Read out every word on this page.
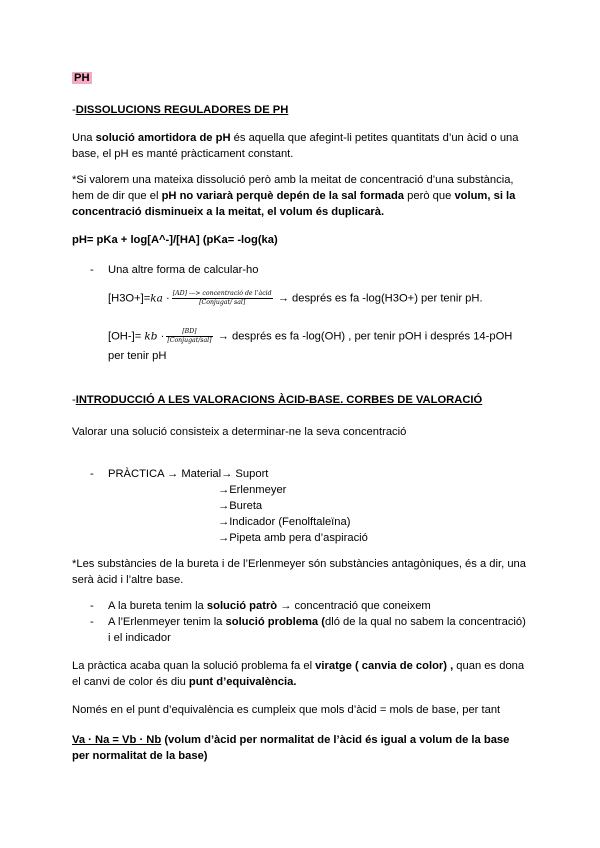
PH
-DISSOLUCIONS REGULADORES DE PH

Una solució amortidora de pH és aquella que afegint-li petites quantitats d’un àcid o una

base, el pH es manté pràcticament constant.

*Si valorem una mateixa dissolució però amb la meitat de concentració d’una substància,

hem de dir que el pH no variarà perquè depén de la sal formada però que volum, si la

concentració disminueix a la meitat, el volum és duplicarà.

pH= pKa + log[A^-]/[HA] (pKa= -log(ka)
- Una altre forma de calcular-ho
$[H3O+]=ka \cdot \frac{\text{[AD] ---> concentració de l’àcid}}{\text{[Conjugat/ sal]}}$ → després es fa -log(H3O+) per tenir pH.
[OH-]= kb · $\frac{[BD]}{\text{[Conjugat/sal]}}$ → després es fa -log(OH) , per tenir pOH i després 14-pOH
per tenir pH
-INTRODUCCIÓ A LES VALORACIONS ÀCID-BASE. CORBES DE VALORACIÓ
Valorar una solució consisteix a determinar-ne la seva concentració
- PRÀCTICA → Material→ Suport
→Erlenmeyer
→Bureta
→Indicador (Fenolftaleïna)
→Pipeta amb pera d’aspiració

*Les substàncies de la bureta i de l’Erlenmeyer són substàncies antagòniques, és a dir, una

serà àcid i l’altre base.

- A la bureta tenim la solució patrò → concentració que coneixem
- A l’Erlenmeyer tenim la solució problema (dló de la qual no sabem la concentració)
i el indicador

La pràctica acaba quan la solució problema fa el viratge ( canvia de color) , quan es dona

el canvi de color és diu punt d’equivalència.

Només en el punt d’equivalència es cumpleix que mols d’àcid = mols de base, per tant

Va · Na = Vb · Nb (volum d’àcid per normalitat de l’àcid és igual a volum de la base

per normalitat de la base)
